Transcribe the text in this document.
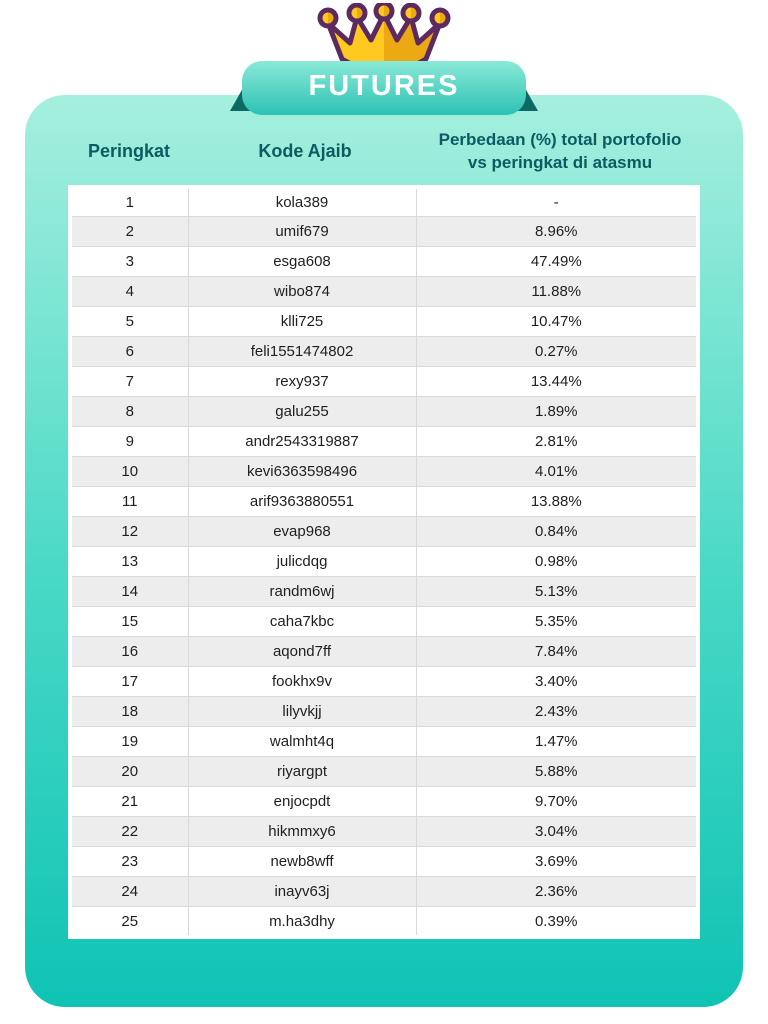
FUTURES
Peringkat	Kode Ajaib
Perbedaan (%) total portofolio
vs peringkat di atasmu
1	kola389	-
2	umif679	8.96%
3	esga608	47.49%
4	wibo874	11.88%
5	klli725	10.47%
6	feli1551474802	0.27%
7	rexy937	13.44%
8	galu255	1.89%
9	andr2543319887	2.81%
10	kevi6363598496	4.01%
11	arif9363880551	13.88%
12	evap968	0.84%
13	julicdqg	0.98%
14	randm6wj	5.13%
15	caha7kbc	5.35%
16	aqond7ff	7.84%
17	fookhx9v	3.40%
18	lilyvkjj	2.43%
19	walmht4q	1.47%
20	riyargpt	5.88%
21	enjocpdt	9.70%
22	hikmmxy6	3.04%
23	newb8wff	3.69%
24	inayv63j	2.36%
25	m.ha3dhy	0.39%
